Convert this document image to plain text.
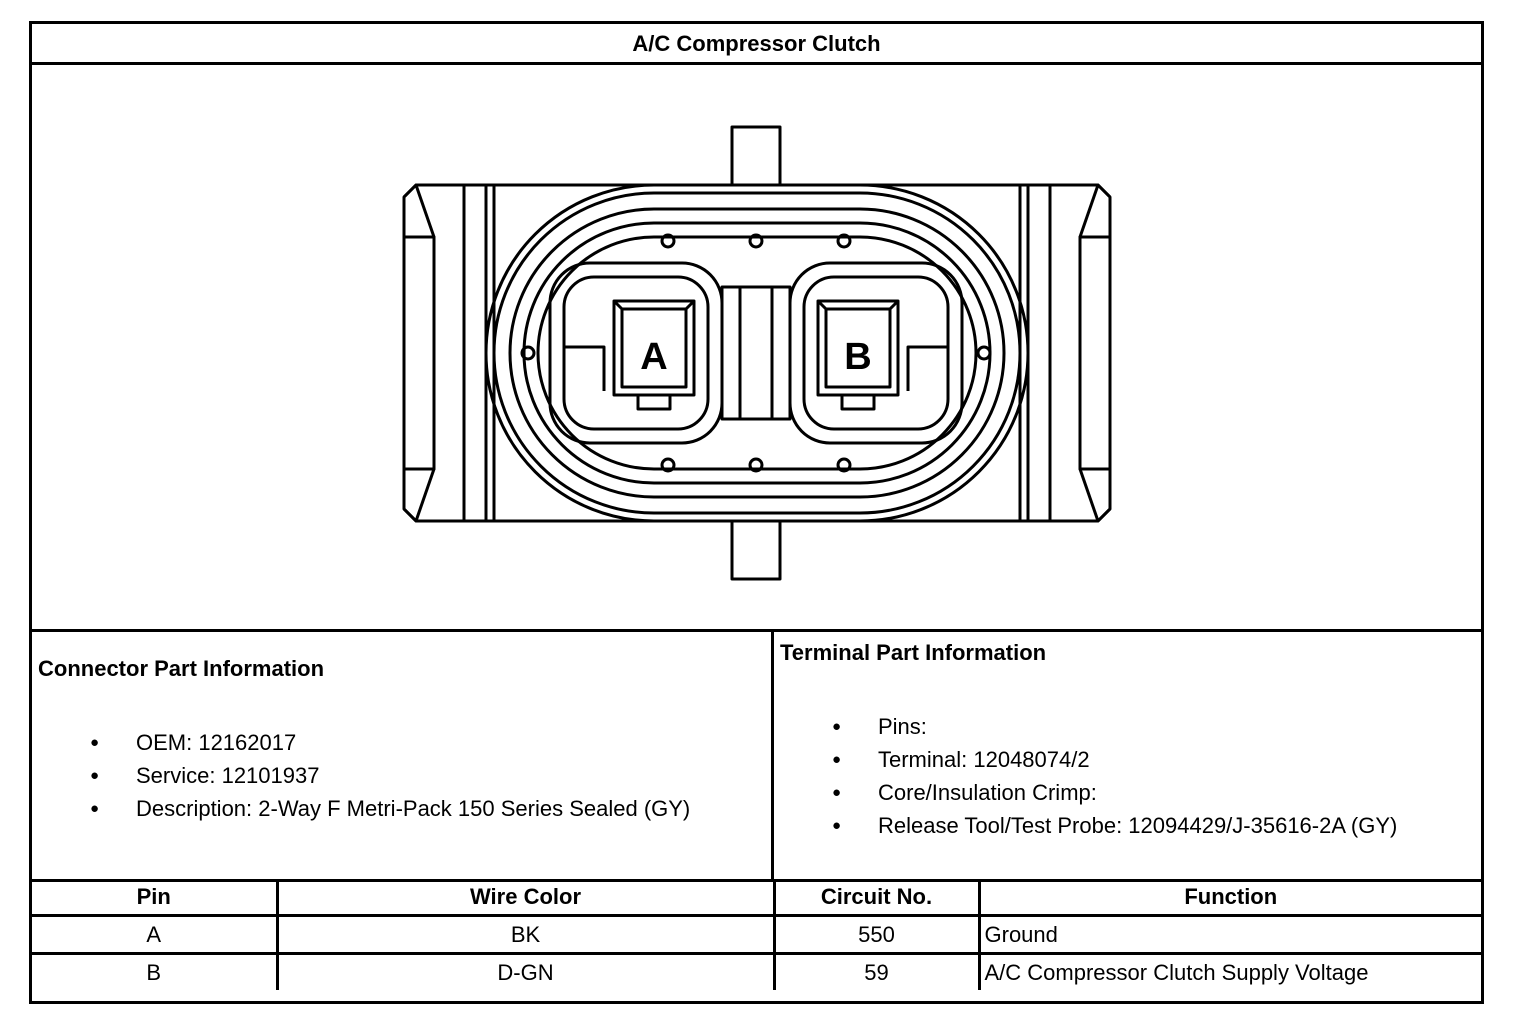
A/C Compressor Clutch
A	B
Connector Part Information
● OEM: 12162017
● Service: 12101937
● Description: 2-Way F Metri-Pack 150 Series Sealed (GY)
Terminal Part Information
● Pins:
● Terminal: 12048074/2
● Core/Insulation Crimp:
● Release Tool/Test Probe: 12094429/J-35616-2A (GY)
Pin	Wire Color	Circuit No.	Function
A	BK	550	Ground
B	D-GN	59	A/C Compressor Clutch Supply Voltage
